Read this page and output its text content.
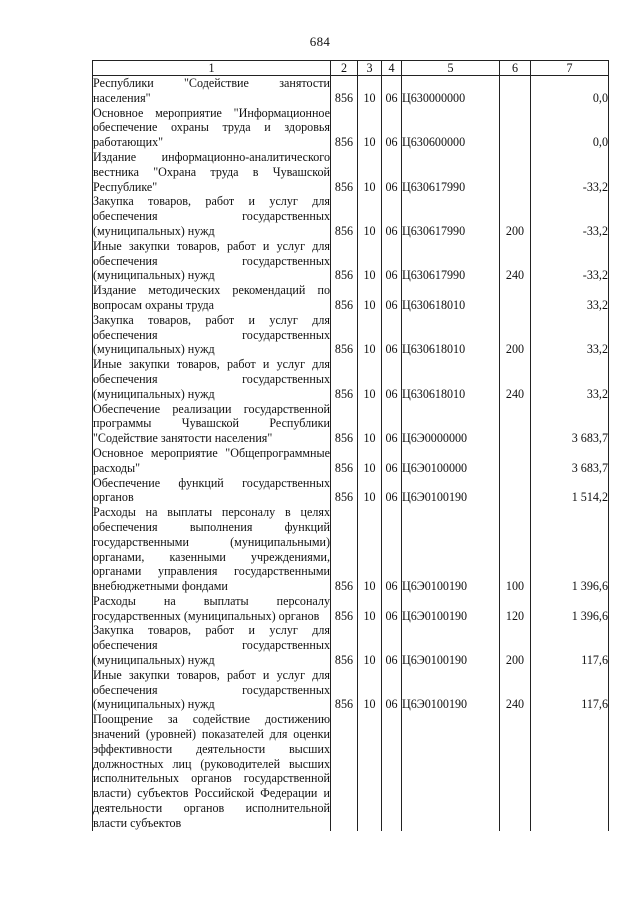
684
1	2	3	4	5	6	7
Республики "Содействие занятости населения"	856	10	06	Ц630000000		0,0
Основное мероприятие "Информационное обеспечение охраны труда и здоровья работающих"	856	10	06	Ц630600000		0,0
Издание информационно-аналитического вестника "Охрана труда в Чувашской Республике"	856	10	06	Ц630617990		-33,2
Закупка товаров, работ и услуг для обеспечения государственных (муниципальных) нужд	856	10	06	Ц630617990	200	-33,2
Иные закупки товаров, работ и услуг для обеспечения государственных (муниципальных) нужд	856	10	06	Ц630617990	240	-33,2
Издание методических рекомендаций по вопросам охраны труда	856	10	06	Ц630618010		33,2
Закупка товаров, работ и услуг для обеспечения государственных (муниципальных) нужд	856	10	06	Ц630618010	200	33,2
Иные закупки товаров, работ и услуг для обеспечения государственных (муниципальных) нужд	856	10	06	Ц630618010	240	33,2
Обеспечение реализации государственной программы Чувашской Республики "Содействие занятости населения"	856	10	06	Ц6Э0000000		3 683,7
Основное мероприятие "Общепрограммные расходы"	856	10	06	Ц6Э0100000		3 683,7
Обеспечение функций государственных органов	856	10	06	Ц6Э0100190		1 514,2
Расходы на выплаты персоналу в целях обеспечения выполнения функций государственными (муниципальными) органами, казенными учреждениями, органами управления государственными внебюджетными фондами	856	10	06	Ц6Э0100190	100	1 396,6
Расходы на выплаты персоналу государственных (муниципальных) органов	856	10	06	Ц6Э0100190	120	1 396,6
Закупка товаров, работ и услуг для обеспечения государственных (муниципальных) нужд	856	10	06	Ц6Э0100190	200	117,6
Иные закупки товаров, работ и услуг для обеспечения государственных (муниципальных) нужд	856	10	06	Ц6Э0100190	240	117,6
Поощрение за содействие достижению значений (уровней) показателей для оценки эффективности деятельности высших должностных лиц (руководителей высших исполнительных органов государственной власти) субъектов Российской Федерации и деятельности органов исполнительной власти субъектов						
